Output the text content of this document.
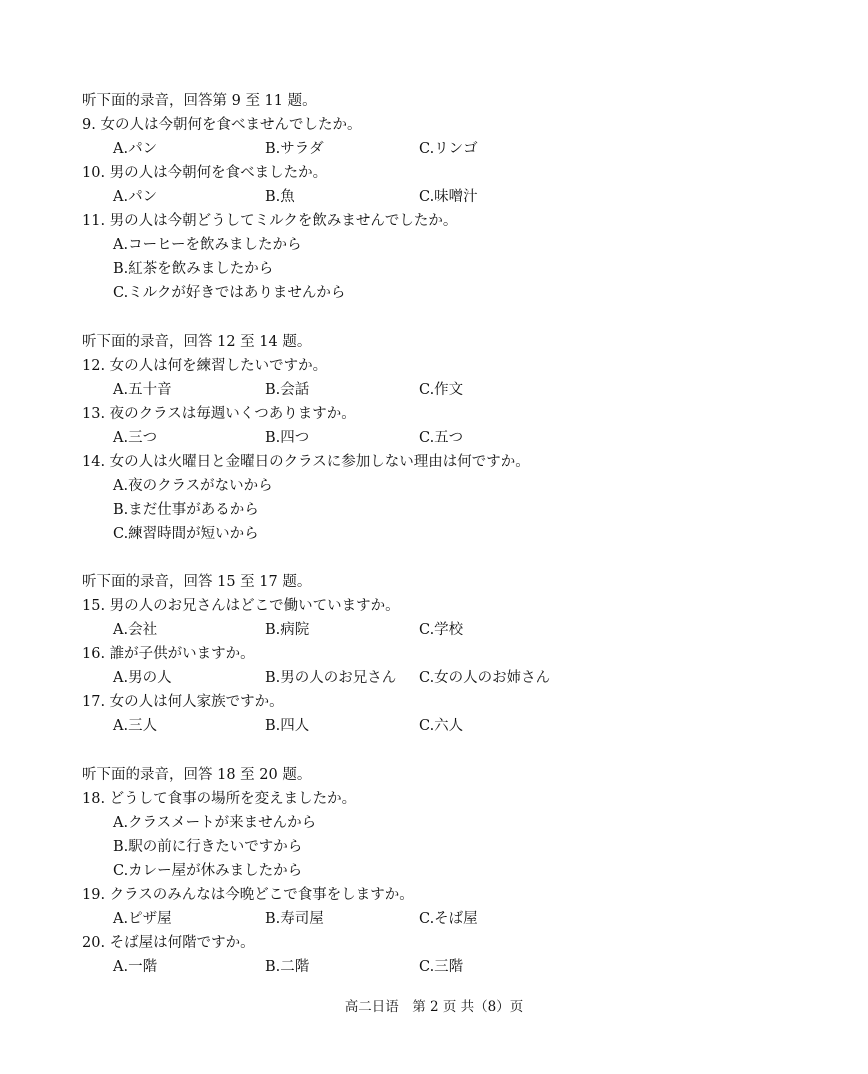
听下面的录音，回答第 9 至 11 题。
9. 女の人は今朝何を食べませんでしたか。
A.パン	B.サラダ	C.リンゴ
10. 男の人は今朝何を食べましたか。
A.パン	B.魚	C.味噌汁
11. 男の人は今朝どうしてミルクを飲みませんでしたか。
A.コーヒーを飲みましたから
B.紅茶を飲みましたから
C.ミルクが好きではありませんから
听下面的录音，回答 12 至 14 题。
12. 女の人は何を練習したいですか。
A.五十音	B.会話	C.作文
13. 夜のクラスは毎週いくつありますか。
A.三つ	B.四つ	C.五つ
14. 女の人は火曜日と金曜日のクラスに参加しない理由は何ですか。
A.夜のクラスがないから
B.まだ仕事があるから
C.練習時間が短いから
听下面的录音，回答 15 至 17 题。
15. 男の人のお兄さんはどこで働いていますか。
A.会社	B.病院	C.学校
16. 誰が子供がいますか。
A.男の人	B.男の人のお兄さん C.女の人のお姉さん
17. 女の人は何人家族ですか。
A.三人	B.四人	C.六人
听下面的录音，回答 18 至 20 题。
18. どうして食事の場所を変えましたか。
A.クラスメートが来ませんから
B.駅の前に行きたいですから
C.カレー屋が休みましたから
19. クラスのみんなは今晩どこで食事をしますか。
A.ピザ屋	B.寿司屋	C.そば屋
20. そば屋は何階ですか。
A.一階	B.二階	C.三階
高二日语　第 2 页 共（8）页
